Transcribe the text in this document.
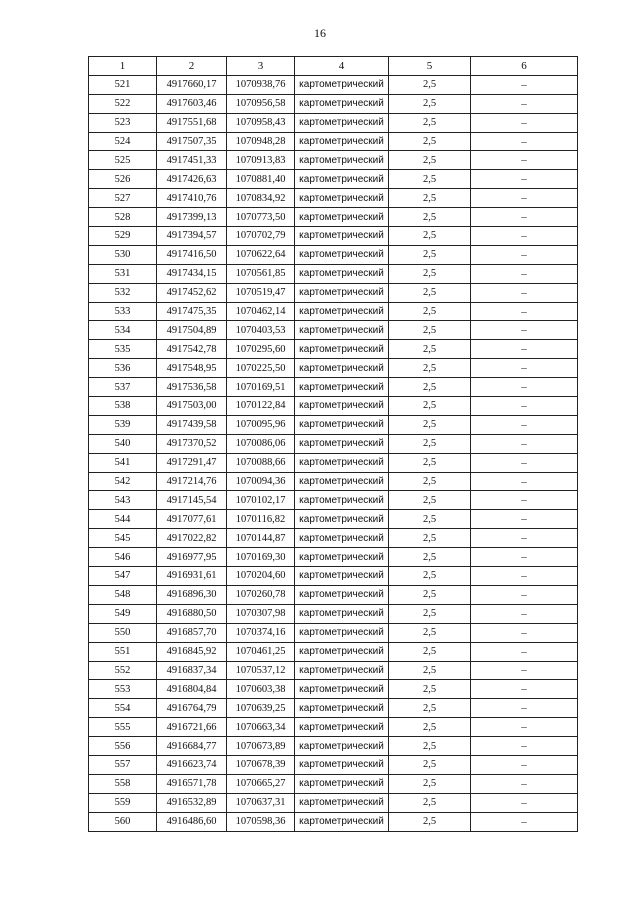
16
1	2	3	4	5	6
521	4917660,17	1070938,76	картометрический	2,5	–
522	4917603,46	1070956,58	картометрический	2,5	–
523	4917551,68	1070958,43	картометрический	2,5	–
524	4917507,35	1070948,28	картометрический	2,5	–
525	4917451,33	1070913,83	картометрический	2,5	–
526	4917426,63	1070881,40	картометрический	2,5	–
527	4917410,76	1070834,92	картометрический	2,5	–
528	4917399,13	1070773,50	картометрический	2,5	–
529	4917394,57	1070702,79	картометрический	2,5	–
530	4917416,50	1070622,64	картометрический	2,5	–
531	4917434,15	1070561,85	картометрический	2,5	–
532	4917452,62	1070519,47	картометрический	2,5	–
533	4917475,35	1070462,14	картометрический	2,5	–
534	4917504,89	1070403,53	картометрический	2,5	–
535	4917542,78	1070295,60	картометрический	2,5	–
536	4917548,95	1070225,50	картометрический	2,5	–
537	4917536,58	1070169,51	картометрический	2,5	–
538	4917503,00	1070122,84	картометрический	2,5	–
539	4917439,58	1070095,96	картометрический	2,5	–
540	4917370,52	1070086,06	картометрический	2,5	–
541	4917291,47	1070088,66	картометрический	2,5	–
542	4917214,76	1070094,36	картометрический	2,5	–
543	4917145,54	1070102,17	картометрический	2,5	–
544	4917077,61	1070116,82	картометрический	2,5	–
545	4917022,82	1070144,87	картометрический	2,5	–
546	4916977,95	1070169,30	картометрический	2,5	–
547	4916931,61	1070204,60	картометрический	2,5	–
548	4916896,30	1070260,78	картометрический	2,5	–
549	4916880,50	1070307,98	картометрический	2,5	–
550	4916857,70	1070374,16	картометрический	2,5	–
551	4916845,92	1070461,25	картометрический	2,5	–
552	4916837,34	1070537,12	картометрический	2,5	–
553	4916804,84	1070603,38	картометрический	2,5	–
554	4916764,79	1070639,25	картометрический	2,5	–
555	4916721,66	1070663,34	картометрический	2,5	–
556	4916684,77	1070673,89	картометрический	2,5	–
557	4916623,74	1070678,39	картометрический	2,5	–
558	4916571,78	1070665,27	картометрический	2,5	–
559	4916532,89	1070637,31	картометрический	2,5	–
560	4916486,60	1070598,36	картометрический	2,5	–
